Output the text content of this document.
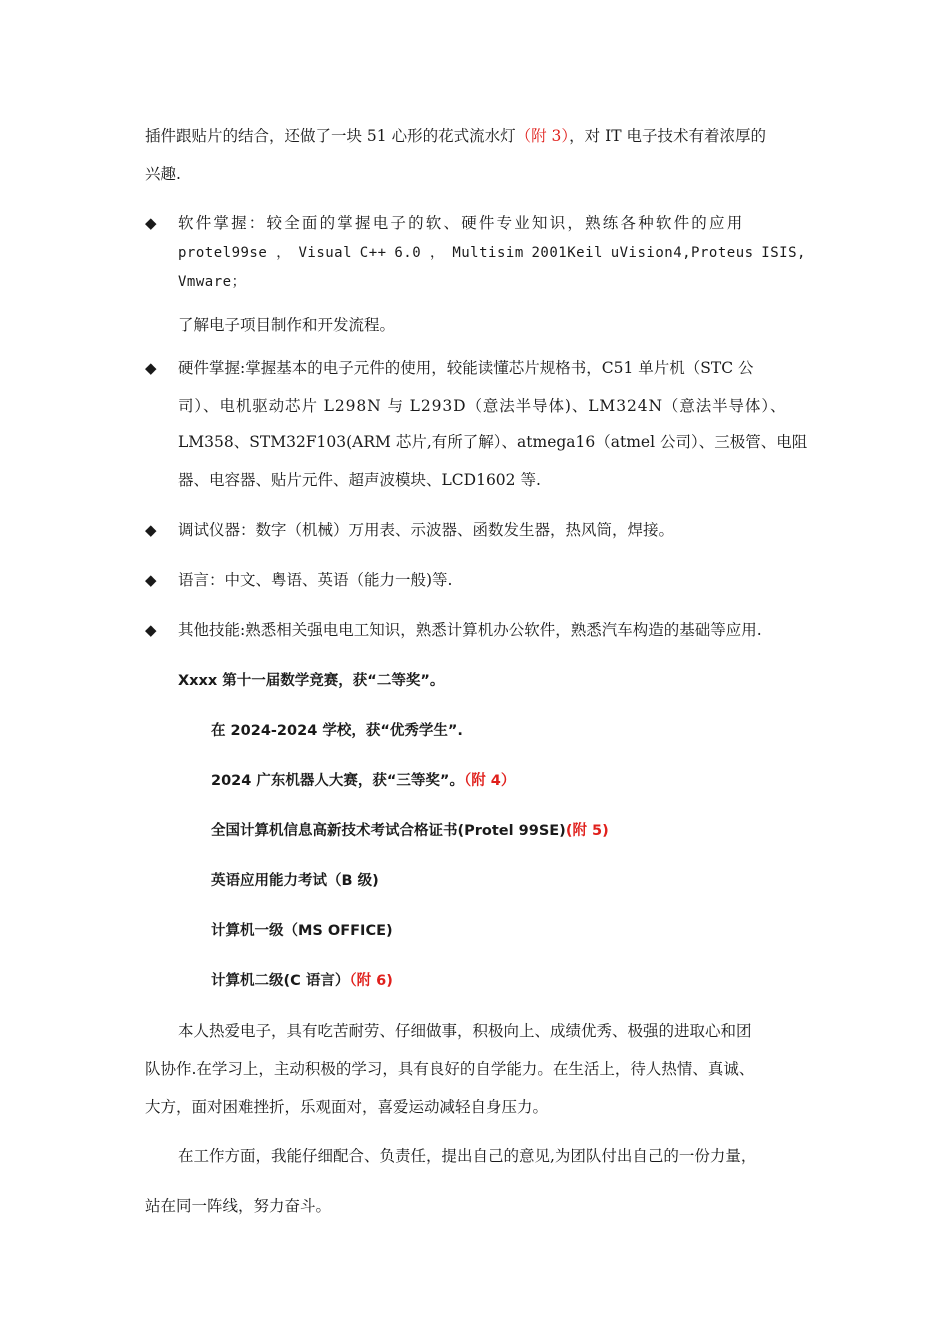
插件跟贴片的结合，还做了一块 51 心形的花式流水灯（附 3），对 IT 电子技术有着浓厚的
兴趣.
◆ 软件掌握：较全面的掌握电子的软、硬件专业知识，熟练各种软件的应用
protel99se ， Visual C++ 6.0 ， Multisim 2001Keil uVision4,Proteus ISIS,
Vmware；
了解电子项目制作和开发流程。
◆ 硬件掌握:掌握基本的电子元件的使用，较能读懂芯片规格书，C51 单片机（STC 公
司）、电机驱动芯片 L298N 与 L293D（意法半导体)、LM324N（意法半导体）、
LM358、STM32F103(ARM 芯片,有所了解）、atmega16（atmel 公司）、三极管、电阻
器、电容器、贴片元件、超声波模块、LCD1602 等.
◆ 调试仪器：数字（机械）万用表、示波器、函数发生器，热风筒，焊接。
◆ 语言：中文、粤语、英语（能力一般)等.
◆ 其他技能:熟悉相关强电电工知识，熟悉计算机办公软件，熟悉汽车构造的基础等应用.
Xxxx 第十一届数学竞赛，获“二等奖”。
在 2024-2024 学校，获“优秀学生”.
2024 广东机器人大赛，获“三等奖”。（附 4）
全国计算机信息高新技术考试合格证书(Protel 99SE)(附 5)
英语应用能力考试（B 级)
计算机一级（MS OFFICE)
计算机二级(C 语言）（附 6)
本人热爱电子，具有吃苦耐劳、仔细做事，积极向上、成绩优秀、极强的进取心和团
队协作.在学习上，主动积极的学习，具有良好的自学能力。在生活上，待人热情、真诚、
大方，面对困难挫折，乐观面对，喜爱运动减轻自身压力。
在工作方面，我能仔细配合、负责任，提出自己的意见,为团队付出自己的一份力量，
站在同一阵线，努力奋斗。
